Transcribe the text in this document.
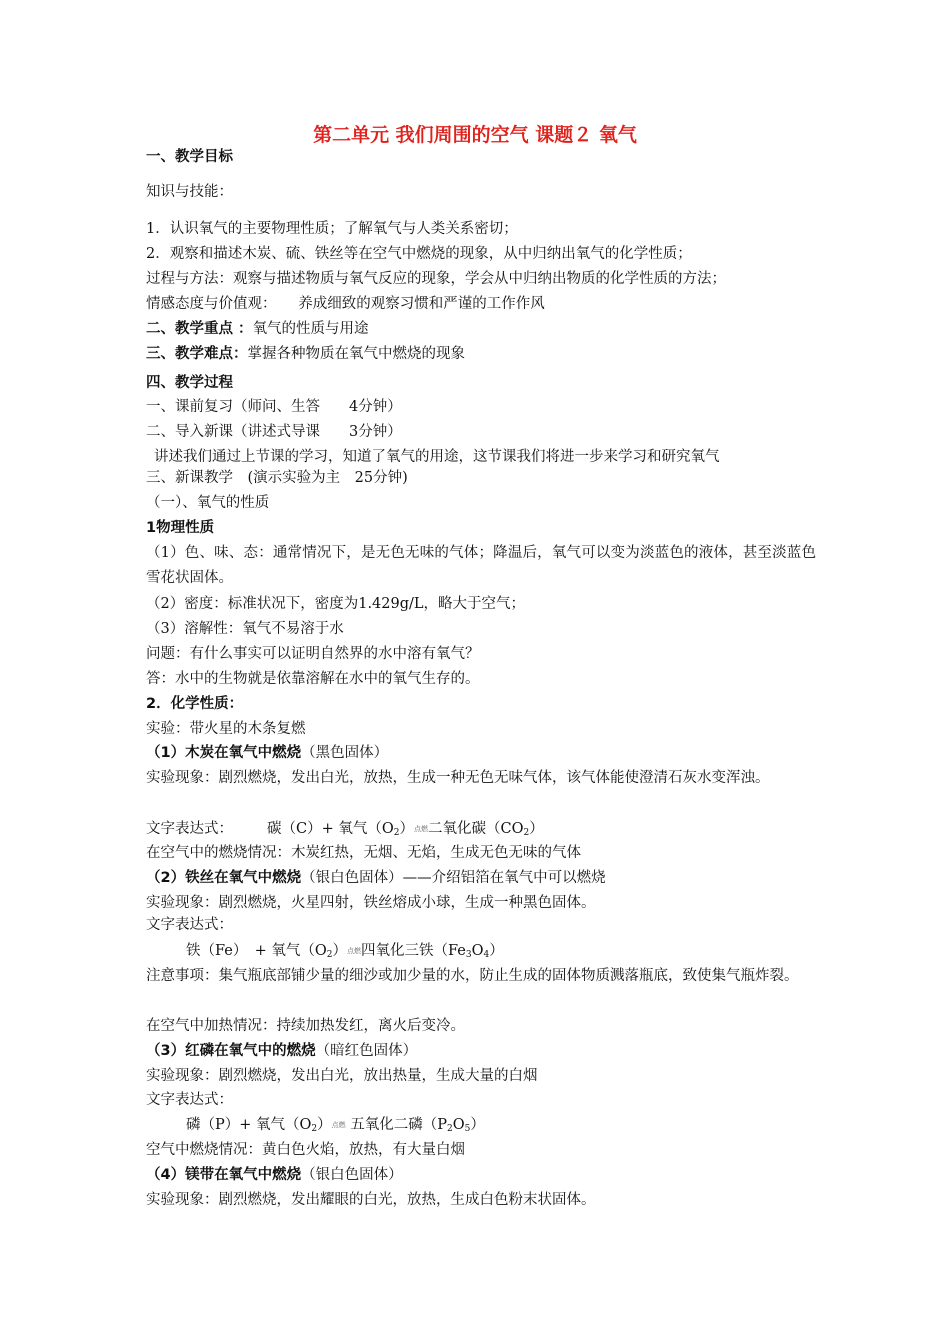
第二单元 我们周围的空气 课题２ 氧气
一、教学目标
知识与技能：
1．认识氧气的主要物理性质；了解氧气与人类关系密切；
2．观察和描述木炭、硫、铁丝等在空气中燃烧的现象，从中归纳出氧气的化学性质；
过程与方法：观察与描述物质与氧气反应的现象，学会从中归纳出物质的化学性质的方法；
情感态度与价值观：　　养成细致的观察习惯和严谨的工作作风
二、教学重点 ：氧气的性质与用途
三、教学难点：掌握各种物质在氧气中燃烧的现象
四、教学过程
一、课前复习（师问、生答　　4分钟）
二、导入新课（讲述式导课　　3分钟）
讲述我们通过上节课的学习，知道了氧气的用途，这节课我们将进一步来学习和研究氧气
三、新课教学　(演示实验为主　25分钟)
（一）、氧气的性质
1物理性质
（1）色、味、态：通常情况下，是无色无味的气体；降温后，氧气可以变为淡蓝色的液体，甚至淡蓝色雪花状固体。
（2）密度：标准状况下，密度为1.429g/L，略大于空气；
（3）溶解性：氧气不易溶于水
问题：有什么事实可以证明自然界的水中溶有氧气？
答：水中的生物就是依靠溶解在水中的氧气生存的。
2．化学性质：
实验：带火星的木条复燃
（1）木炭在氧气中燃烧（黑色固体）
实验现象：剧烈燃烧，发出白光，放热，生成一种无色无味气体，该气体能使澄清石灰水变浑浊。
文字表达式： 碳（C）+ 氧气$(O_2)$点燃二氧化碳$(CO_2)$
在空气中的燃烧情况：木炭红热，无烟、无焰，生成无色无味的气体
（2）铁丝在氧气中燃烧（银白色固体）——介绍铝箔在氧气中可以燃烧
实验现象：剧烈燃烧，火星四射，铁丝熔成小球，生成一种黑色固体。
文字表达式：
铁（Fe）　+ 氧气$(O_2)$点燃四氧化三铁$(Fe_3O_4)$
注意事项：集气瓶底部铺少量的细沙或加少量的水，防止生成的固体物质溅落瓶底，致使集气瓶炸裂。
在空气中加热情况：持续加热发红，离火后变冷。
（3）红磷在氧气中的燃烧（暗红色固体）
实验现象：剧烈燃烧，发出白光，放出热量，生成大量的白烟
文字表达式：
磷（P）+ 氧气$(O_2)$点燃 五氧化二磷$(P_2O_5)$
空气中燃烧情况：黄白色火焰，放热，有大量白烟
（4）镁带在氧气中燃烧（银白色固体）
实验现象：剧烈燃烧，发出耀眼的白光，放热，生成白色粉末状固体。
